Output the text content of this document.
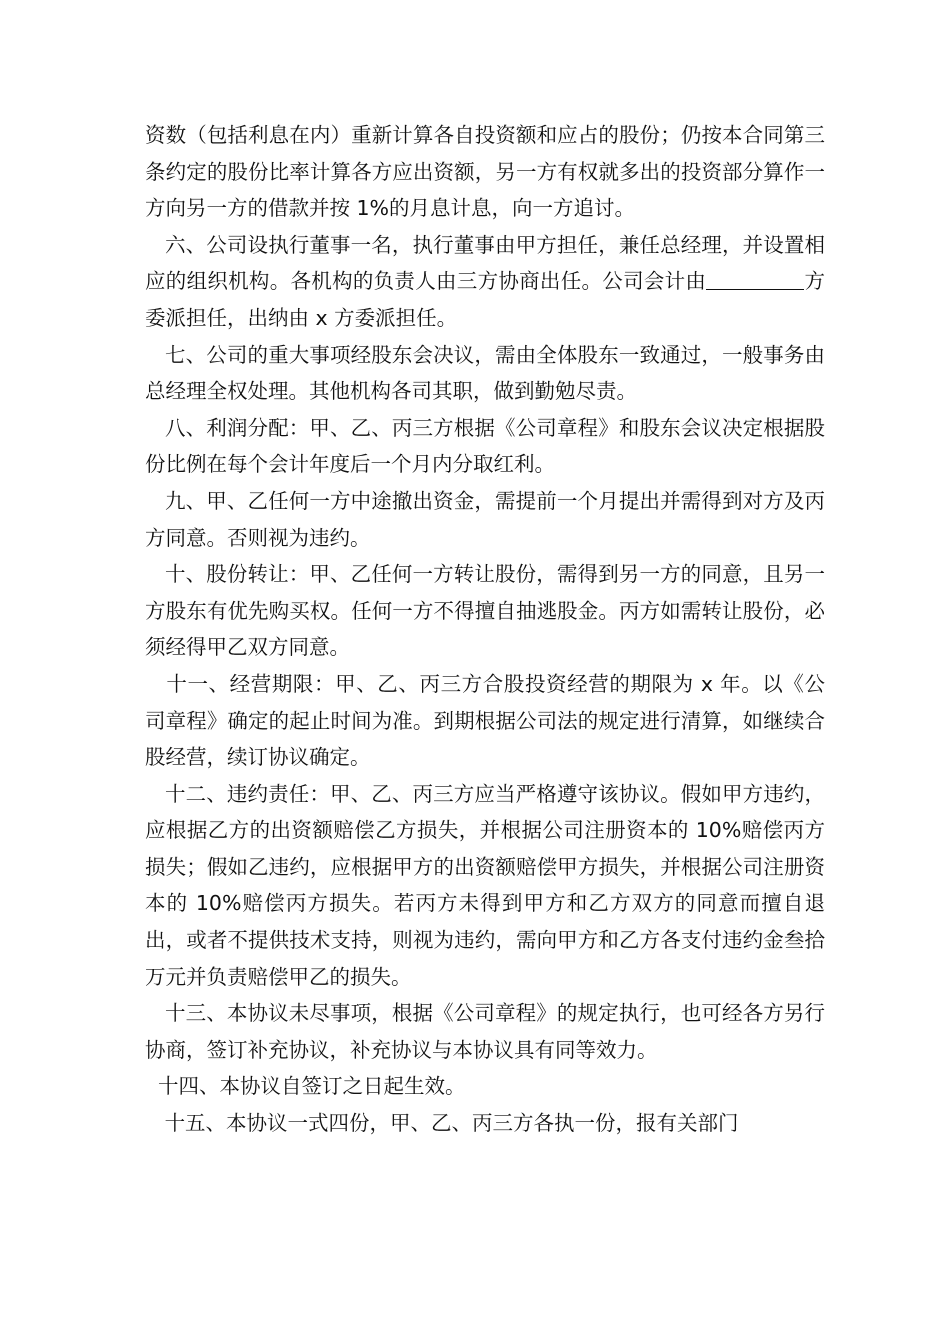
资数（包括利息在内）重新计算各自投资额和应占的股份；仍按本合同第三条约定的股份比率计算各方应出资额，另一方有权就多出的投资部分算作一方向另一方的借款并按 1%的月息计息，向一方追讨。

六、公司设执行董事一名，执行董事由甲方担任，兼任总经理，并设置相应的组织机构。各机构的负责人由三方协商出任。公司会计由	方委派担任，出纳由 x 方委派担任。

七、公司的重大事项经股东会决议，需由全体股东一致通过，一般事务由总经理全权处理。其他机构各司其职，做到勤勉尽责。

八、利润分配：甲、乙、丙三方根据《公司章程》和股东会议决定根据股份比例在每个会计年度后一个月内分取红利。

九、甲、乙任何一方中途撤出资金，需提前一个月提出并需得到对方及丙方同意。否则视为违约。

十、股份转让：甲、乙任何一方转让股份，需得到另一方的同意，且另一方股东有优先购买权。任何一方不得擅自抽逃股金。丙方如需转让股份，必须经得甲乙双方同意。

十一、经营期限：甲、乙、丙三方合股投资经营的期限为 x 年。以《公司章程》确定的起止时间为准。到期根据公司法的规定进行清算，如继续合股经营，续订协议确定。

十二、违约责任：甲、乙、丙三方应当严格遵守该协议。假如甲方违约，应根据乙方的出资额赔偿乙方损失，并根据公司注册资本的 10%赔偿丙方损失；假如乙违约，应根据甲方的出资额赔偿甲方损失，并根据公司注册资本的 10%赔偿丙方损失。若丙方未得到甲方和乙方双方的同意而擅自退出，或者不提供技术支持，则视为违约，需向甲方和乙方各支付违约金叁拾万元并负责赔偿甲乙的损失。

十三、本协议未尽事项，根据《公司章程》的规定执行，也可经各方另行协商，签订补充协议，补充协议与本协议具有同等效力。

十四、本协议自签订之日起生效。

十五、本协议一式四份，甲、乙、丙三方各执一份，报有关部门
